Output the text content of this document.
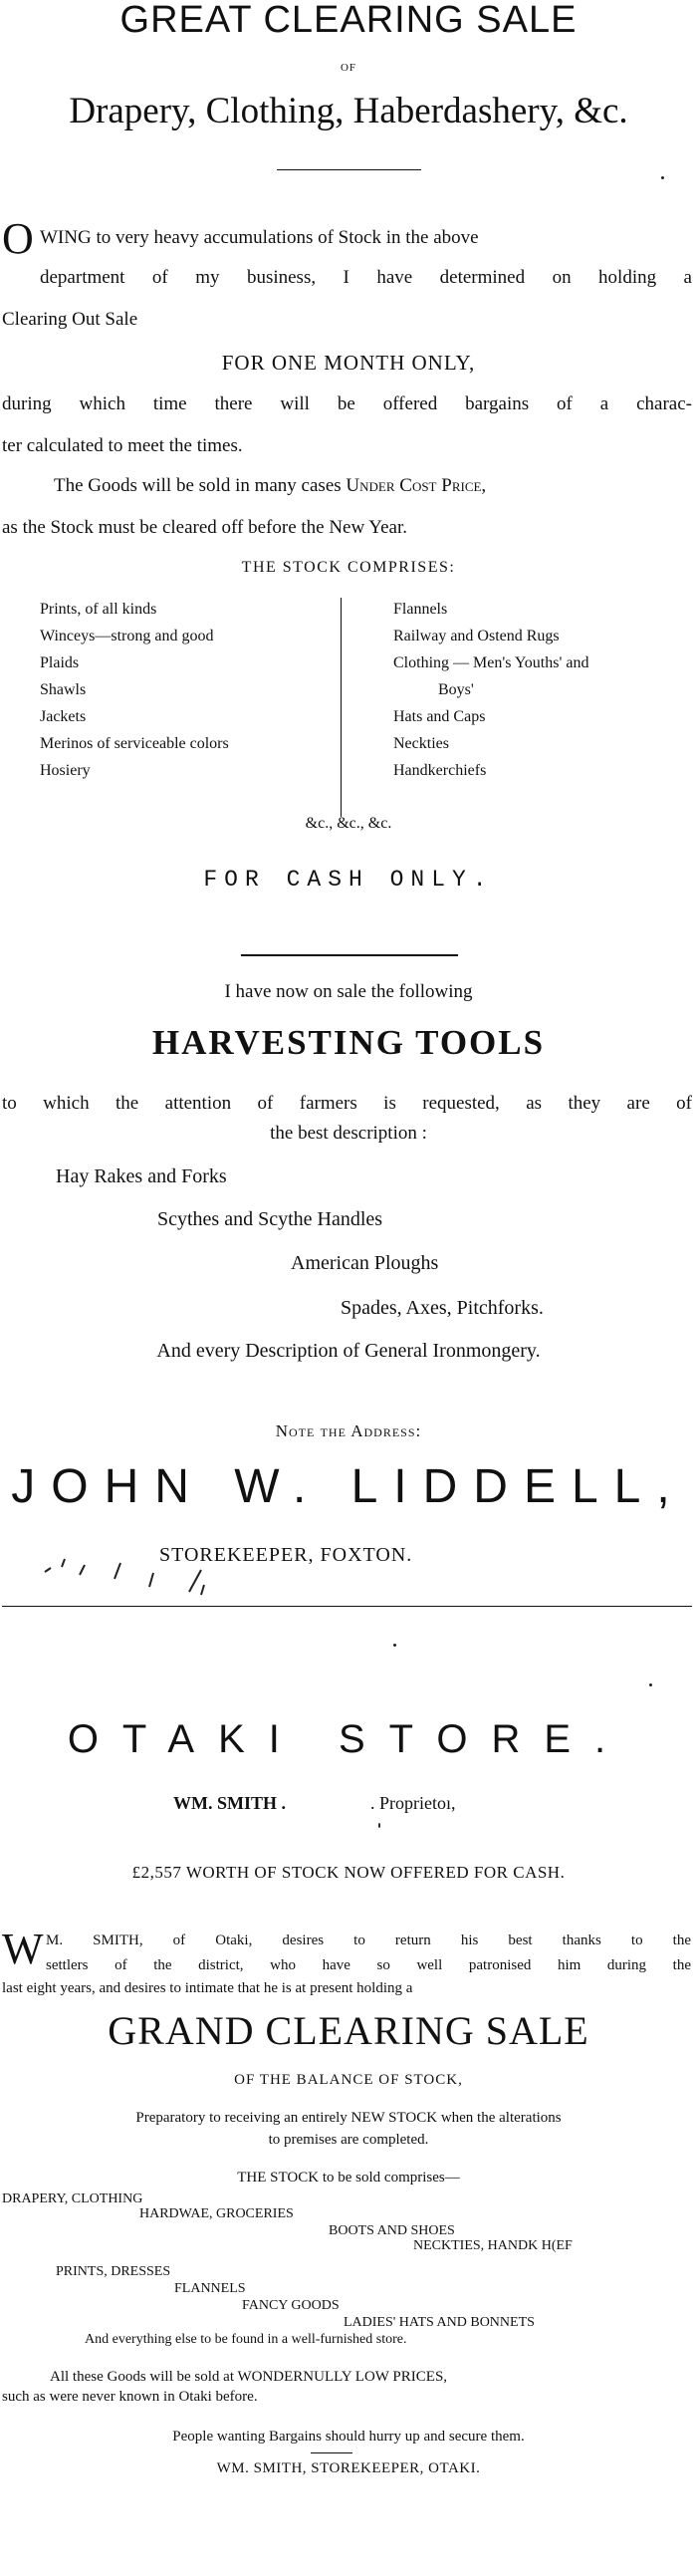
GREAT CLEARING SALE
OF
Drapery, Clothing, Haberdashery, &c.
O WING to very heavy accumulations of Stock in the above
department of my business, I have determined on holding a
Clearing Out Sale
FOR ONE MONTH ONLY,
during which time there will be offered bargains of a charac-
ter calculated to meet the times.
The Goods will be sold in many cases Under Cost Price,
as the Stock must be cleared off before the New Year.
THE STOCK COMPRISES:
Prints, of all kinds
Winceys—strong and good
Plaids
Shawls
Jackets
Merinos of serviceable colors
Hosiery
Flannels
Railway and Ostend Rugs
Clothing — Men's Youths' and
Boys'
Hats and Caps
Neckties
Handkerchiefs
&c., &c., &c.
FOR CASH ONLY.
I have now on sale the following
HARVESTING TOOLS
to which the attention of farmers is requested, as they are of
the best description :
Hay Rakes and Forks
Scythes and Scythe Handles
American Ploughs
Spades, Axes, Pitchforks.
And every Description of General Ironmongery.
Note the Address:
JOHN W. LIDDELL,
STOREKEEPER, FOXTON.
OTAKI STORE.
WM. SMITH .	. Proprietoı,
£2,557 WORTH OF STOCK NOW OFFERED FOR CASH.
W M. SMITH, of Otaki, desires to return his best thanks to the
settlers of the district, who have so well patronised him during the
last eight years, and desires to intimate that he is at present holding a
GRAND CLEARING SALE
OF THE BALANCE OF STOCK,
Preparatory to receiving an entirely NEW STOCK when the alterations
to premises are completed.
THE STOCK to be sold comprises—
DRAPERY, CLOTHING
HARDWAE, GROCERIES
BOOTS AND SHOES
NECKTIES, HANDK H(EF
PRINTS, DRESSES
FLANNELS
FANCY GOODS
LADIES' HATS AND BONNETS
And everything else to be found in a well-furnished store.
All these Goods will be sold at WONDERNULLY LOW PRICES,
such as were never known in Otaki before.
People wanting Bargains should hurry up and secure them.
WM. SMITH, STOREKEEPER, OTAKI.
